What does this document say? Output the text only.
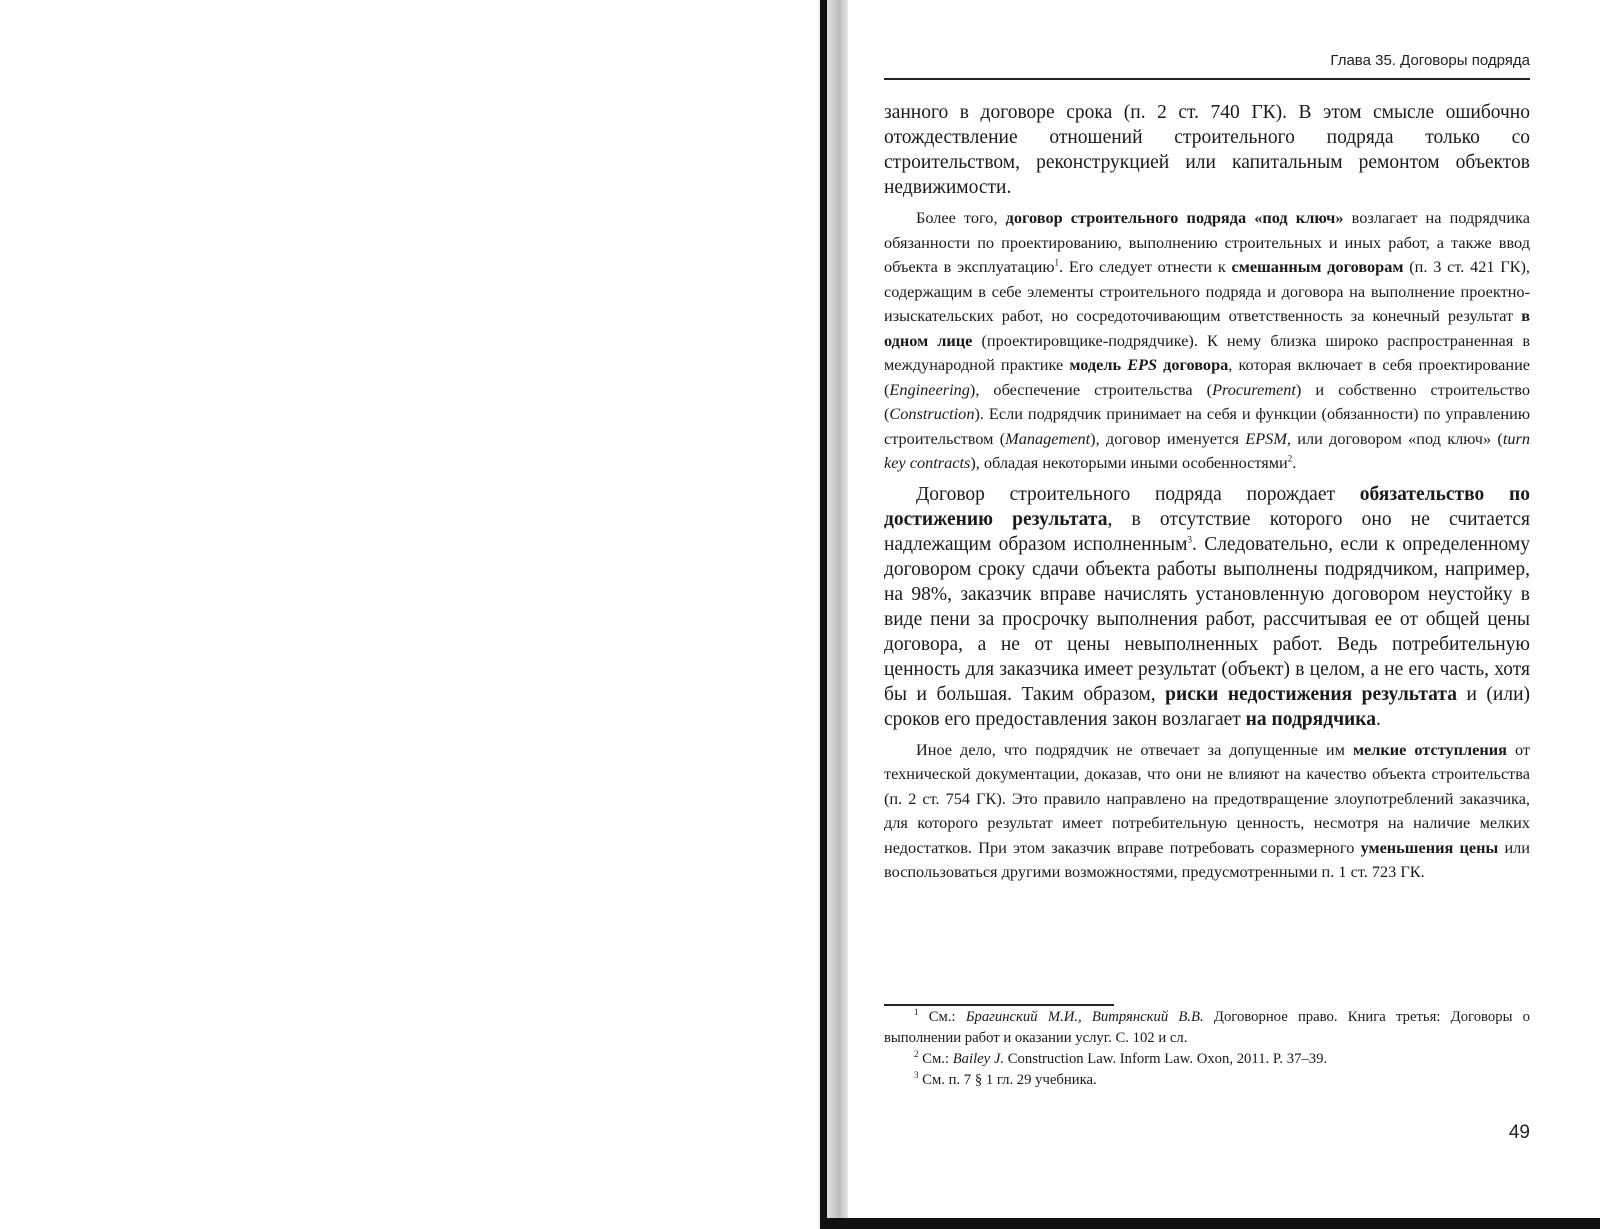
Глава 35. Договоры подряда

занного в договоре срока (п. 2 ст. 740 ГК). В этом смысле ошибочно отождествление отношений строительного подряда только со строительством, реконструкцией или капитальным ремонтом объектов недвижимости.

Более того, договор строительного подряда «под ключ» возлагает на подрядчика обязанности по проектированию, выполнению строительных и иных работ, а также ввод объекта в эксплуатацию$^1$. Его следует отнести к смешанным договорам (п. 3 ст. 421 ГК), содержащим в себе элементы строительного подряда и договора на выполнение проектно-изыскательских работ, но сосредоточивающим ответственность за конечный результат в одном лице (проектировщике-подрядчике). К нему близка широко распространенная в международной практике модель EPS договора, которая включает в себя проектирование (Engineering), обеспечение строительства (Procurement) и собственно строительство (Construction). Если подрядчик принимает на себя и функции (обязанности) по управлению строительством (Management), договор именуется EPSM, или договором «под ключ» (turn key contracts), обладая некоторыми иными особенностями$^2$.

Договор строительного подряда порождает обязательство по достижению результата, в отсутствие которого оно не считается надлежащим образом исполненным$^3$. Следовательно, если к определенному договором сроку сдачи объекта работы выполнены подрядчиком, например, на 98%, заказчик вправе начислять установленную договором неустойку в виде пени за просрочку выполнения работ, рассчитывая ее от общей цены договора, а не от цены невыполненных работ. Ведь потребительную ценность для заказчика имеет результат (объект) в целом, а не его часть, хотя бы и большая. Таким образом, риски недостижения результата и (или) сроков его предоставления закон возлагает на подрядчика.

Иное дело, что подрядчик не отвечает за допущенные им мелкие отступления от технической документации, доказав, что они не влияют на качество объекта строительства (п. 2 ст. 754 ГК). Это правило направлено на предотвращение злоупотреблений заказчика, для которого результат имеет потребительную ценность, несмотря на наличие мелких недостатков. При этом заказчик вправе потребовать соразмерного уменьшения цены или воспользоваться другими возможностями, предусмотренными п. 1 ст. 723 ГК.

$^1$ См.: Брагинский М.И., Витрянский В.В. Договорное право. Книга третья: Договоры о выполнении работ и оказании услуг. С. 102 и сл.

$^2$ См.: Bailey J. Construction Law. Inform Law. Oxon, 2011. P. 37–39.

$^3$ См. п. 7 § 1 гл. 29 учебника.

49
